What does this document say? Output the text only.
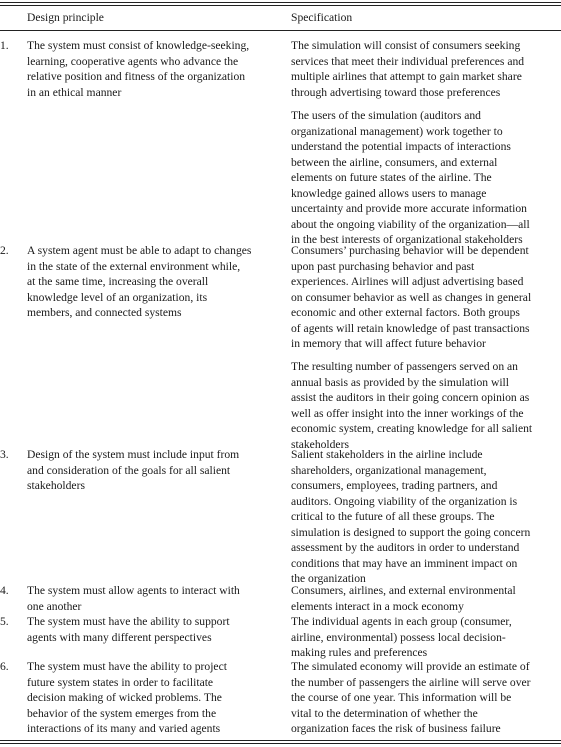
Design principle	Specification
1. The system must consist of knowledge-seeking,
learning, cooperative agents who advance the
relative position and fitness of the organization
in an ethical manner
The simulation will consist of consumers seeking
services that meet their individual preferences and
multiple airlines that attempt to gain market share
through advertising toward those preferences
The users of the simulation (auditors and
organizational management) work together to
understand the potential impacts of interactions
between the airline, consumers, and external
elements on future states of the airline. The
knowledge gained allows users to manage
uncertainty and provide more accurate information
about the ongoing viability of the organization—all
in the best interests of organizational stakeholders
2. A system agent must be able to adapt to changes
in the state of the external environment while,
at the same time, increasing the overall
knowledge level of an organization, its
members, and connected systems
Consumers’ purchasing behavior will be dependent
upon past purchasing behavior and past
experiences. Airlines will adjust advertising based
on consumer behavior as well as changes in general
economic and other external factors. Both groups
of agents will retain knowledge of past transactions
in memory that will affect future behavior
The resulting number of passengers served on an
annual basis as provided by the simulation will
assist the auditors in their going concern opinion as
well as offer insight into the inner workings of the
economic system, creating knowledge for all salient
stakeholders
3. Design of the system must include input from
and consideration of the goals for all salient
stakeholders
Salient stakeholders in the airline include
shareholders, organizational management,
consumers, employees, trading partners, and
auditors. Ongoing viability of the organization is
critical to the future of all these groups. The
simulation is designed to support the going concern
assessment by the auditors in order to understand
conditions that may have an imminent impact on
the organization
4. The system must allow agents to interact with
one another
Consumers, airlines, and external environmental
elements interact in a mock economy
5. The system must have the ability to support
agents with many different perspectives
The individual agents in each group (consumer,
airline, environmental) possess local decision-
making rules and preferences
6. The system must have the ability to project
future system states in order to facilitate
decision making of wicked problems. The
behavior of the system emerges from the
interactions of its many and varied agents
The simulated economy will provide an estimate of
the number of passengers the airline will serve over
the course of one year. This information will be
vital to the determination of whether the
organization faces the risk of business failure
